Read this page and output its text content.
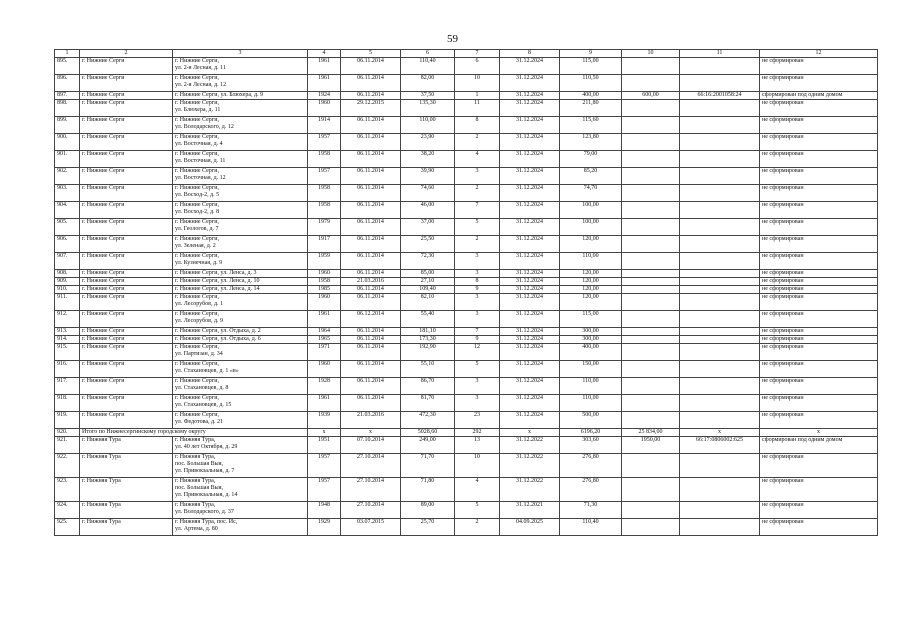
59
1	2	3	4	5	6	7	8	9	10	11	12
895.	г. Нижние Серги	г. Нижние Серги,
ул. 2-я Лесная, д. 11	1961	06.11.2014	110,40	6	31.12.2024	115,00			не сформирован
896.	г. Нижние Серги	г. Нижние Серги,
ул. 2-я Лесная, д. 12	1961	06.11.2014	82,00	10	31.12.2024	110,50			не сформирован
897.	г. Нижние Серги	г. Нижние Серги, ул. Блюхера, д. 9	1924	06.11.2014	37,50	1	31.12.2024	400,00	600,00	66:16:2001058:24	сформирован под одним домом
898.	г. Нижние Серги	г. Нижние Серги,
ул. Блюхера, д. 11	1960	29.12.2015	135,30	11	31.12.2024	211,80			не сформирован
899.	г. Нижние Серги	г. Нижние Серги,
ул. Володарского, д. 12	1914	06.11.2014	110,00	8	31.12.2024	115,60			не сформирован
900.	г. Нижние Серги	г. Нижние Серги,
ул. Восточная, д. 4	1957	06.11.2014	23,90	2	31.12.2024	123,80			не сформирован
901.	г. Нижние Серги	г. Нижние Серги,
ул. Восточная, д. 11	1958	06.11.2014	38,20	4	31.12.2024	79,00			не сформирован
902.	г. Нижние Серги	г. Нижние Серги,
ул. Восточная, д. 12	1957	06.11.2014	39,90	3	31.12.2024	85,20			не сформирован
903.	г. Нижние Серги	г. Нижние Серги,
ул. Восход-2, д. 5	1958	06.11.2014	74,60	2	31.12.2024	74,70			не сформирован
904.	г. Нижние Серги	г. Нижние Серги,
ул. Восход-2, д. 8	1958	06.11.2014	46,00	7	31.12.2024	100,00			не сформирован
905.	г. Нижние Серги	г. Нижние Серги,
ул. Геологов, д. 7	1979	06.11.2014	37,00	5	31.12.2024	100,00			не сформирован
906.	г. Нижние Серги	г. Нижние Серги,
ул. Зеленая, д. 2	1917	06.11.2014	25,50	2	31.12.2024	120,00			не сформирован
907.	г. Нижние Серги	г. Нижние Серги,
ул. Кузнечная, д. 9	1959	06.11.2014	72,30	3	31.12.2024	110,00			не сформирован
908.	г. Нижние Серги	г. Нижние Серги, ул. Ленса, д. 3	1960	06.11.2014	85,00	3	31.12.2024	120,00			не сформирован
909.	г. Нижние Серги	г. Нижние Серги, ул. Ленса, д. 10	1958	21.03.2016	27,10	8	31.12.2024	120,00			не сформирован
910.	г. Нижние Серги	г. Нижние Серги, ул. Ленса, д. 14	1985	06.11.2014	109,40	9	31.12.2024	120,00			не сформирован
911.	г. Нижние Серги	г. Нижние Серги,
ул. Лесорубов, д. 1	1960	06.11.2014	82,10	3	31.12.2024	120,00			не сформирован
912.	г. Нижние Серги	г. Нижние Серги,
ул. Лесорубов, д. 9	1961	06.12.2014	55,40	3	31.12.2024	115,00			не сформирован
913.	г. Нижние Серги	г. Нижние Серги, ул. Отдыха, д. 2	1964	06.11.2014	181,10	7	31.12.2024	300,00			не сформирован
914.	г. Нижние Серги	г. Нижние Серги, ул. Отдыха, д. 6	1965	06.11.2014	173,30	9	31.12.2024	300,00			не сформирован
915.	г. Нижние Серги	г. Нижние Серги,
ул. Партизан, д. 34	1971	06.11.2014	192,90	12	31.12.2024	400,00			не сформирован
916.	г. Нижние Серги	г. Нижние Серги,
ул. Стахановцев, д. 1 «в»	1960	06.11.2014	55,10	5	31.12.2024	150,00			не сформирован
917.	г. Нижние Серги	г. Нижние Серги,
ул. Стахановцев, д. 8	1928	06.11.2014	86,70	3	31.12.2024	110,00			не сформирован
918.	г. Нижние Серги	г. Нижние Серги,
ул. Стахановцев, д. 15	1961	06.11.2014	81,70	3	31.12.2024	110,00			не сформирован
919.	г. Нижние Серги	г. Нижние Серги,
ул. Федотова, д. 21	1939	21.03.2016	472,30	23	31.12.2024	500,00			не сформирован
920.	Итого по Нижнесергинскому городскому округу		х	х	5028,60	292	х	6196,20	25 834,00	х	х
921.	г. Нижняя Тура	г. Нижняя Тура,
ул. 40 лет Октября, д. 29	1951	07.10.2014	249,00	13	31.12.2022	303,60	1950,00	66:17:0806002:625	сформирован под одним домом
922.	г. Нижняя Тура	г. Нижняя Тура,
пос. Большая Выя,
ул. Привокзальная, д. 7	1957	27.10.2014	71,70	10	31.12.2022	276,80			не сформирован
923.	г. Нижняя Тура	г. Нижняя Тура,
пос. Большая Выя,
ул. Привокзальная, д. 14	1957	27.10.2014	71,80	4	31.12.2022	276,80			не сформирован
924.	г. Нижняя Тура	г. Нижняя Тура,
ул. Володарского, д. 37	1948	27.10.2014	89,00	5	31.12.2021	71,30			не сформирован
925.	г. Нижняя Тура	г. Нижняя Тура, пос. Ис,
ул. Артема, д. 80	1929	03.07.2015	25,70	2	04.09.2025	110,40			не сформирован
